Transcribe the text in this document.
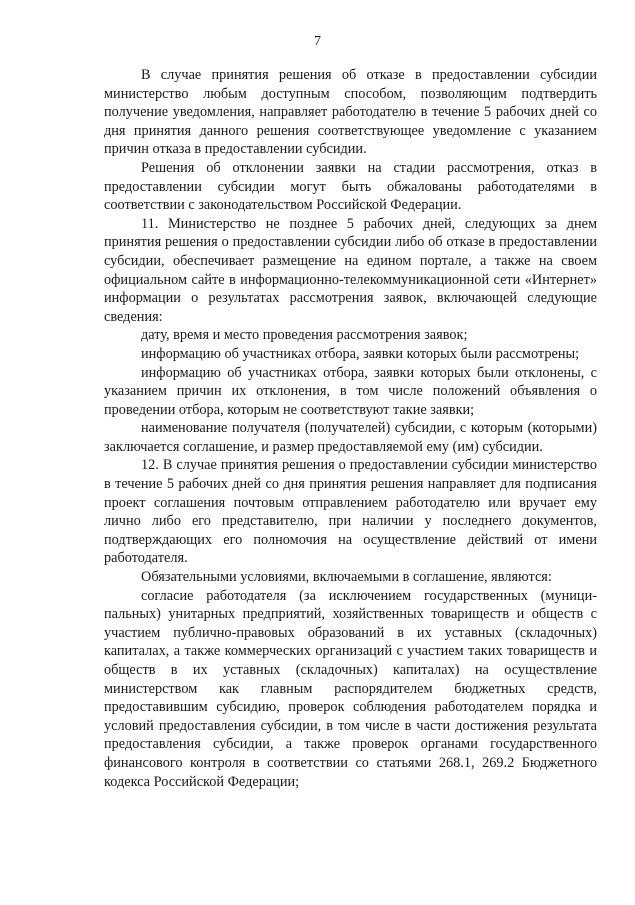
7

В случае принятия решения об отказе в предоставлении субсидии министерство любым доступным способом, позволяющим подтвердить получение уведомления, направляет работодателю в течение 5 рабочих дней со дня принятия данного решения соответствующее уведомление с указанием причин отказа в предоставлении субсидии.

Решения об отклонении заявки на стадии рассмотрения, отказ в предоставлении субсидии могут быть обжалованы работодателями в соответствии с законодательством Российской Федерации.

11. Министерство не позднее 5 рабочих дней, следующих за днем принятия решения о предоставлении субсидии либо об отказе в предоставлении субсидии, обеспечивает размещение на едином портале, а также на своем официальном сайте в информационно-телекоммуникационной сети «Интернет» информации о результатах рассмотрения заявок, включающей следующие сведения:

дату, время и место проведения рассмотрения заявок;

информацию об участниках отбора, заявки которых были рассмотрены;

информацию об участниках отбора, заявки которых были отклонены, с указанием причин их отклонения, в том числе положений объявления о проведении отбора, которым не соответствуют такие заявки;

наименование получателя (получателей) субсидии, с которым (которыми) заключается соглашение, и размер предоставляемой ему (им) субсидии.

12. В случае принятия решения о предоставлении субсидии министерство в течение 5 рабочих дней со дня принятия решения направляет для подписания проект соглашения почтовым отправлением работодателю или вручает ему лично либо его представителю, при наличии у последнего документов, подтверждающих его полномочия на осуществление действий от имени работодателя.

Обязательными условиями, включаемыми в соглашение, являются:

согласие работодателя (за исключением государственных (муници-пальных) унитарных предприятий, хозяйственных товариществ и обществ с участием публично-правовых образований в их уставных (складочных) капиталах, а также коммерческих организаций с участием таких товариществ и обществ в их уставных (складочных) капиталах) на осуществление министерством как главным распорядителем бюджетных средств, предоставившим субсидию, проверок соблюдения работодателем порядка и условий предоставления субсидии, в том числе в части достижения результата предоставления субсидии, а также проверок органами государственного финансового контроля в соответствии со статьями 268.1, 269.2 Бюджетного кодекса Российской Федерации;
